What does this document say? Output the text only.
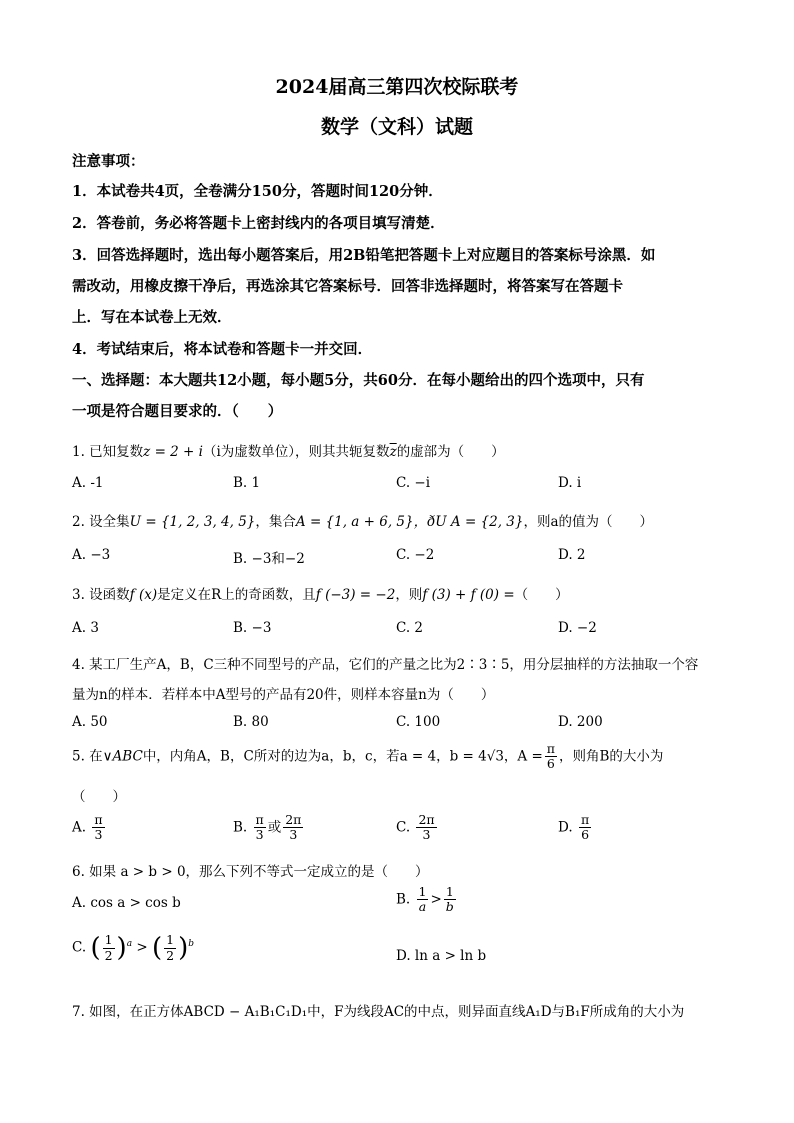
2024届高三第四次校际联考
数学（文科）试题
注意事项：
1．本试卷共4页，全卷满分150分，答题时间120分钟．
2．答卷前，务必将答题卡上密封线内的各项目填写清楚．
3．回答选择题时，选出每小题答案后，用2B铅笔把答题卡上对应题目的答案标号涂黑．如
需改动，用橡皮擦干净后，再选涂其它答案标号．回答非选择题时，将答案写在答题卡
上．写在本试卷上无效．
4．考试结束后，将本试卷和答题卡一并交回．
一、选择题：本大题共12小题，每小题5分，共60分．在每小题给出的四个选项中，只有
一项是符合题目要求的．（　　）
1. 已知复数z = 2 + i（i为虚数单位），则其共轭复数$\overline{z}$的虚部为（　　）
A. -1	B. 1	C. −i	D. i
2. 设全集U = {1, 2, 3, 4, 5}，集合A = {1, a + 6, 5}，ðU A = {2, 3}，则a的值为（　　）
A. −3	B. −3和−2	C. −2	D. 2
3. 设函数f (x)是定义在R上的奇函数，且f (−3) = −2，则f (3) + f (0) =（　　）
A. 3	B. −3	C. 2	D. −2
4. 某工厂生产A，B，C三种不同型号的产品，它们的产量之比为2∶3∶5，用分层抽样的方法抽取一个容
量为n的样本．若样本中A型号的产品有20件，则样本容量n为（　　）
A. 50	B. 80	C. 100	D. 200
5. 在∨ABC中，内角A，B，C所对的边为a，b，c，若a = 4，b = 4√3，$A = \frac{\pi}{6}$ ，则角B的大小为
（　　）
A. $\frac{\pi}{3}$	B. $\frac{\pi}{3}$ 或 $\frac{2\pi}{3}$	C. $\frac{2\pi}{3}$	D. $\frac{\pi}{6}$
6. 如果 a > b > 0，那么下列不等式一定成立的是（　　）
A. cos a > cos b	B. $\frac{1}{a} > \frac{1}{b}$
C. ( $\frac{1}{2} )^a$ > ( $\frac{1}{2} )^b$
D. ln a > ln b
7. 如图，在正方体ABCD − A₁B₁C₁D₁中，F为线段AC的中点，则异面直线A₁D与B₁F所成角的大小为
